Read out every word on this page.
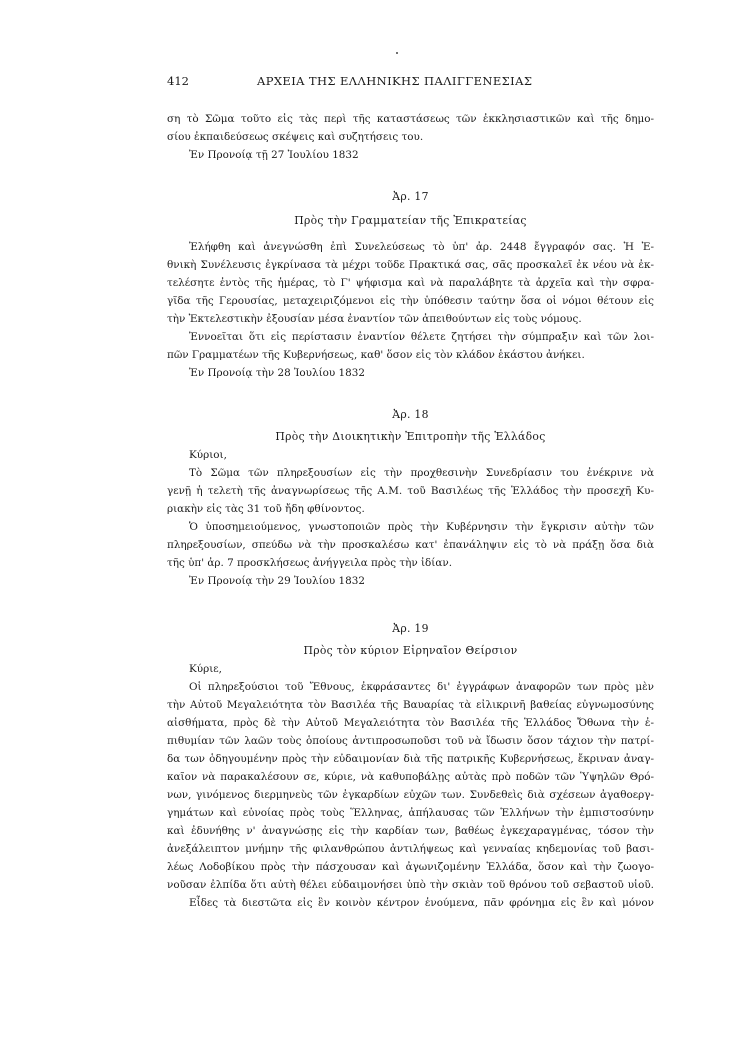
412	ΑΡΧΕΙΑ ΤΗΣ ΕΛΛΗΝΙΚΗΣ ΠΑΛΙΓΓΕΝΕΣΙΑΣ
ση τὸ Σῶμα τοῦτο εἰς τὰς περὶ τῆς καταστάσεως τῶν ἐκκλησιαστικῶν καὶ τῆς δημο-
σίου ἐκπαιδεύσεως σκέψεις καὶ συζητήσεις του.
Ἐν Προνοίᾳ τῇ 27 Ἰουλίου 1832
Ἀρ. 17
Πρὸς τὴν Γραμματείαν τῆς Ἐπικρατείας
Ἐλήφθη καὶ ἀνεγνώσθη ἐπὶ Συνελεύσεως τὸ ὑπ' ἀρ. 2448 ἔγγραφόν σας. Ἡ Ἐ-
θνικὴ Συνέλευσις ἐγκρίνασα τὰ μέχρι τοῦδε Πρακτικά σας, σᾶς προσκαλεῖ ἐκ νέου νὰ ἐκ-
τελέσητε ἐντὸς τῆς ἡμέρας, τὸ Γ' ψήφισμα καὶ νὰ παραλάβητε τὰ ἀρχεῖα καὶ τὴν σφρα-
γῖδα τῆς Γερουσίας, μεταχειριζόμενοι εἰς τὴν ὑπόθεσιν ταύτην ὅσα οἱ νόμοι θέτουν εἰς
τὴν Ἐκτελεστικὴν ἐξουσίαν μέσα ἐναντίον τῶν ἀπειθούντων εἰς τοὺς νόμους.
Ἐννοεῖται ὅτι εἰς περίστασιν ἐναντίον θέλετε ζητήσει τὴν σύμπραξιν καὶ τῶν λοι-
πῶν Γραμματέων τῆς Κυβερνήσεως, καθ' ὅσον εἰς τὸν κλάδον ἑκάστου ἀνήκει.
Ἐν Προνοίᾳ τὴν 28 Ἰουλίου 1832
Ἀρ. 18
Πρὸς τὴν Διοικητικὴν Ἐπιτροπὴν τῆς Ἑλλάδος
Κύριοι,
Τὸ Σῶμα τῶν πληρεξουσίων εἰς τὴν προχθεσινὴν Συνεδρίασιν του ἐνέκρινε νὰ
γενῇ ἡ τελετὴ τῆς ἀναγνωρίσεως τῆς Α.Μ. τοῦ Βασιλέως τῆς Ἑλλάδος τὴν προσεχῆ Κυ-
ριακὴν εἰς τὰς 31 τοῦ ἤδη φθίνοντος.
Ὁ ὑποσημειούμενος, γνωστοποιῶν πρὸς τὴν Κυβέρνησιν τὴν ἔγκρισιν αὐτὴν τῶν
πληρεξουσίων, σπεύδω νὰ τὴν προσκαλέσω κατ' ἐπανάληψιν εἰς τὸ νὰ πράξῃ ὅσα διὰ
τῆς ὑπ' ἀρ. 7 προσκλήσεως ἀνήγγειλα πρὸς τὴν ἰδίαν.
Ἐν Προνοίᾳ τὴν 29 Ἰουλίου 1832
Ἀρ. 19
Πρὸς τὸν κύριον Εἰρηναῖον Θείρσιον
Κύριε,
Οἱ πληρεξούσιοι τοῦ Ἔθνους, ἐκφράσαντες δι' ἐγγράφων ἀναφορῶν των πρὸς μὲν
τὴν Αὐτοῦ Μεγαλειότητα τὸν Βασιλέα τῆς Βαυαρίας τὰ εἰλικρινῆ βαθείας εὐγνωμοσύνης
αἰσθήματα, πρὸς δὲ τὴν Αὐτοῦ Μεγαλειότητα τὸν Βασιλέα τῆς Ἑλλάδος Ὄθωνα τὴν ἐ-
πιθυμίαν τῶν λαῶν τοὺς ὁποίους ἀντιπροσωποῦσι τοῦ νὰ ἴδωσιν ὅσον τάχιον τὴν πατρί-
δα των ὁδηγουμένην πρὸς τὴν εὐδαιμονίαν διὰ τῆς πατρικῆς Κυβερνήσεως, ἔκριναν ἀναγ-
καῖον νὰ παρακαλέσουν σε, κύριε, νὰ καθυποβάλῃς αὐτὰς πρὸ ποδῶν τῶν Ὑψηλῶν Θρό-
νων, γινόμενος διερμηνεὺς τῶν ἐγκαρδίων εὐχῶν των. Συνδεθεὶς διὰ σχέσεων ἀγαθοεργ-
γημάτων καὶ εὐνοίας πρὸς τοὺς Ἕλληνας, ἀπήλαυσας τῶν Ἑλλήνων τὴν ἐμπιστοσύνην
καὶ ἐδυνήθης ν' ἀναγνώσῃς εἰς τὴν καρδίαν των, βαθέως ἐγκεχαραγμένας, τόσον τὴν
ἀνεξάλειπτον μνήμην τῆς φιλανθρώπου ἀντιλήψεως καὶ γενναίας κηδεμονίας τοῦ βασι-
λέως Λοδοβίκου πρὸς τὴν πάσχουσαν καὶ ἀγωνιζομένην Ἑλλάδα, ὅσον καὶ τὴν ζωογο-
νοῦσαν ἐλπίδα ὅτι αὐτὴ θέλει εὐδαιμονήσει ὑπὸ τὴν σκιὰν τοῦ θρόνου τοῦ σεβαστοῦ υἱοῦ.
Εἶδες τὰ διεστῶτα εἰς ἓν κοινὸν κέντρον ἑνούμενα, πᾶν φρόνημα εἰς ἓν καὶ μόνον
